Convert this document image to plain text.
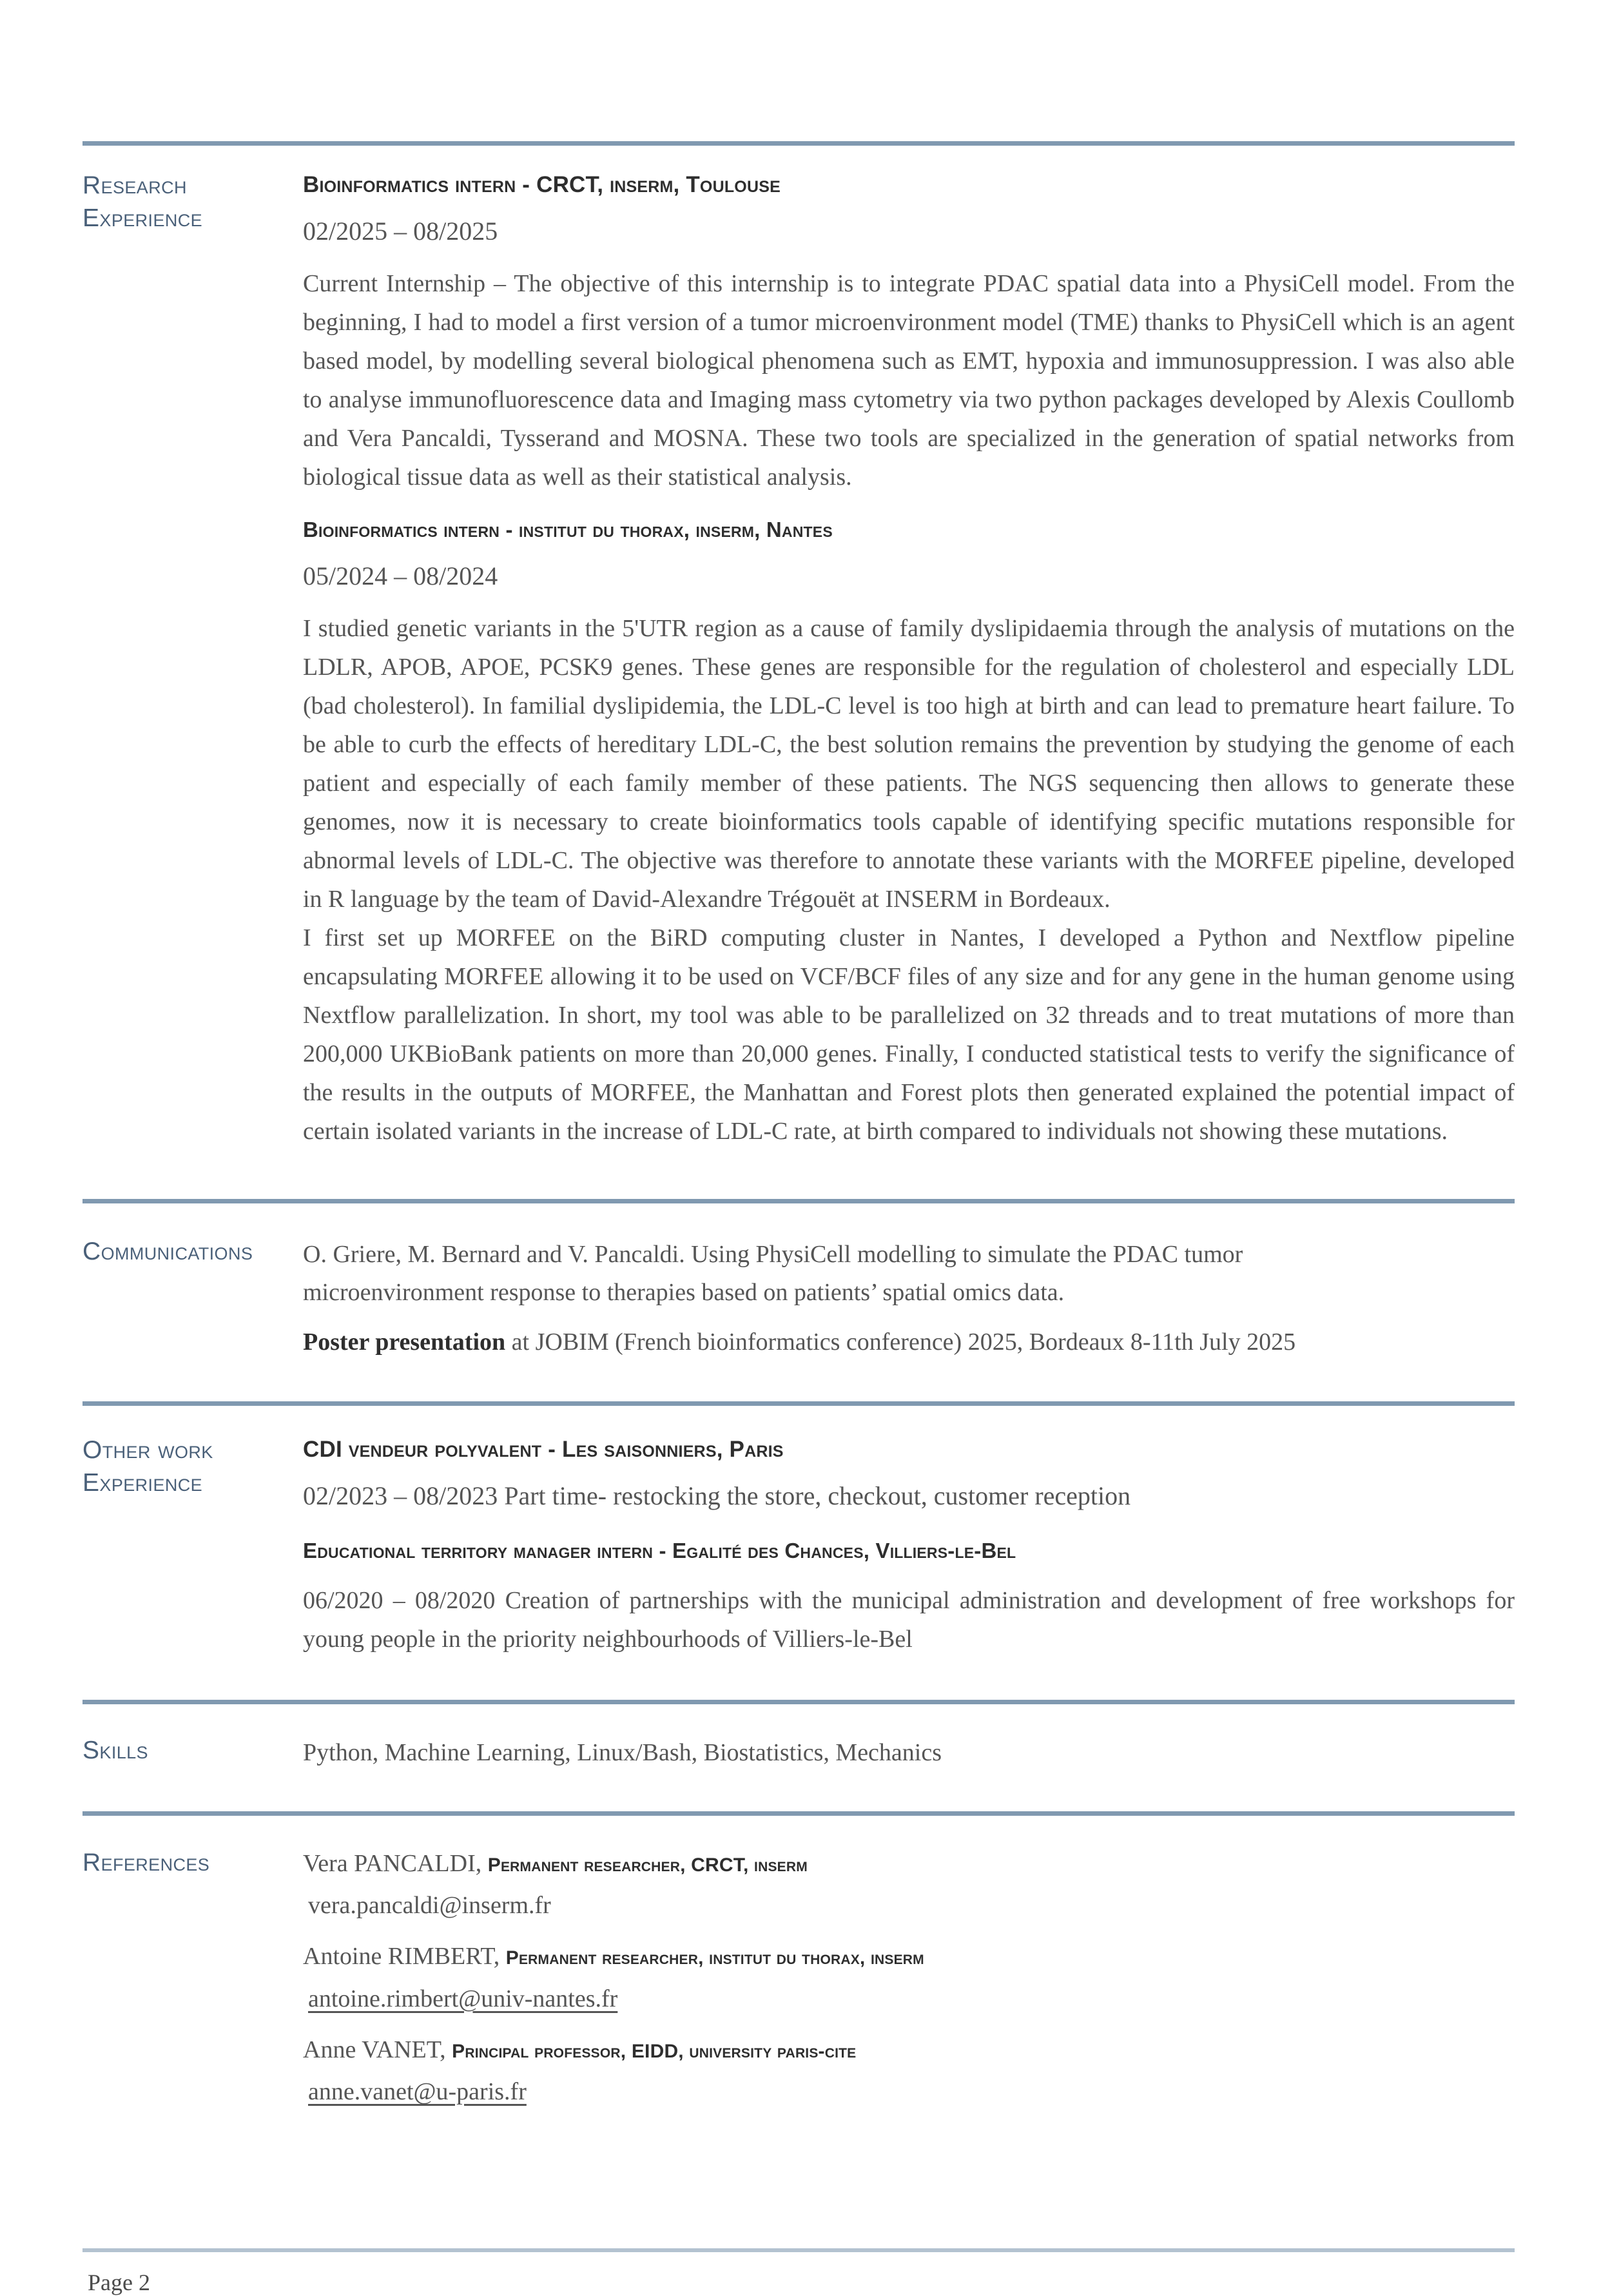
Research
Experience
Bioinformatics intern - CRCT, inserm, Toulouse
02/2025 – 08/2025
Current Internship – The objective of this internship is to integrate PDAC spatial data into a PhysiCell model. From the beginning, I had to model a first version of a tumor microenvironment model (TME) thanks to PhysiCell which is an agent based model, by modelling several biological phenomena such as EMT, hypoxia and immunosuppression. I was also able to analyse immunofluorescence data and Imaging mass cytometry via two python packages developed by Alexis Coullomb and Vera Pancaldi, Tysserand and MOSNA. These two tools are specialized in the generation of spatial networks from biological tissue data as well as their statistical analysis.
Bioinformatics intern - institut du thorax, inserm, Nantes
05/2024 – 08/2024
I studied genetic variants in the 5'UTR region as a cause of family dyslipidaemia through the analysis of mutations on the LDLR, APOB, APOE, PCSK9 genes. These genes are responsible for the regulation of cholesterol and especially LDL (bad cholesterol). In familial dyslipidemia, the LDL-C level is too high at birth and can lead to premature heart failure. To be able to curb the effects of hereditary LDL-C, the best solution remains the prevention by studying the genome of each patient and especially of each family member of these patients. The NGS sequencing then allows to generate these genomes, now it is necessary to create bioinformatics tools capable of identifying specific mutations responsible for abnormal levels of LDL-C. The objective was therefore to annotate these variants with the MORFEE pipeline, developed in R language by the team of David-Alexandre Trégouët at INSERM in Bordeaux.
I first set up MORFEE on the BiRD computing cluster in Nantes, I developed a Python and Nextflow pipeline encapsulating MORFEE allowing it to be used on VCF/BCF files of any size and for any gene in the human genome using Nextflow parallelization. In short, my tool was able to be parallelized on 32 threads and to treat mutations of more than 200,000 UKBioBank patients on more than 20,000 genes. Finally, I conducted statistical tests to verify the significance of the results in the outputs of MORFEE, the Manhattan and Forest plots then generated explained the potential impact of certain isolated variants in the increase of LDL-C rate, at birth compared to individuals not showing these mutations.
Communications	O. Griere, M. Bernard and V. Pancaldi. Using PhysiCell modelling to simulate the PDAC tumor
microenvironment response to therapies based on patients’ spatial omics data.
Poster presentation at JOBIM (French bioinformatics conference) 2025, Bordeaux 8-11th July 2025
Other work
Experience
CDI vendeur polyvalent - Les saisonniers, Paris
02/2023 – 08/2023 Part time- restocking the store, checkout, customer reception
Educational territory manager intern - Egalité des Chances, Villiers-le-Bel
06/2020 – 08/2020 Creation of partnerships with the municipal administration and development of free workshops for young people in the priority neighbourhoods of Villiers-le-Bel
Skills	Python, Machine Learning, Linux/Bash, Biostatistics, Mechanics
References	Vera PANCALDI, Permanent researcher, CRCT, inserm
vera.pancaldi@inserm.fr
Antoine RIMBERT, Permanent researcher, institut du thorax, inserm
antoine.rimbert@univ-nantes.fr
Anne VANET, Principal professor, EIDD, university paris-cite
anne.vanet@u-paris.fr
Page 2
